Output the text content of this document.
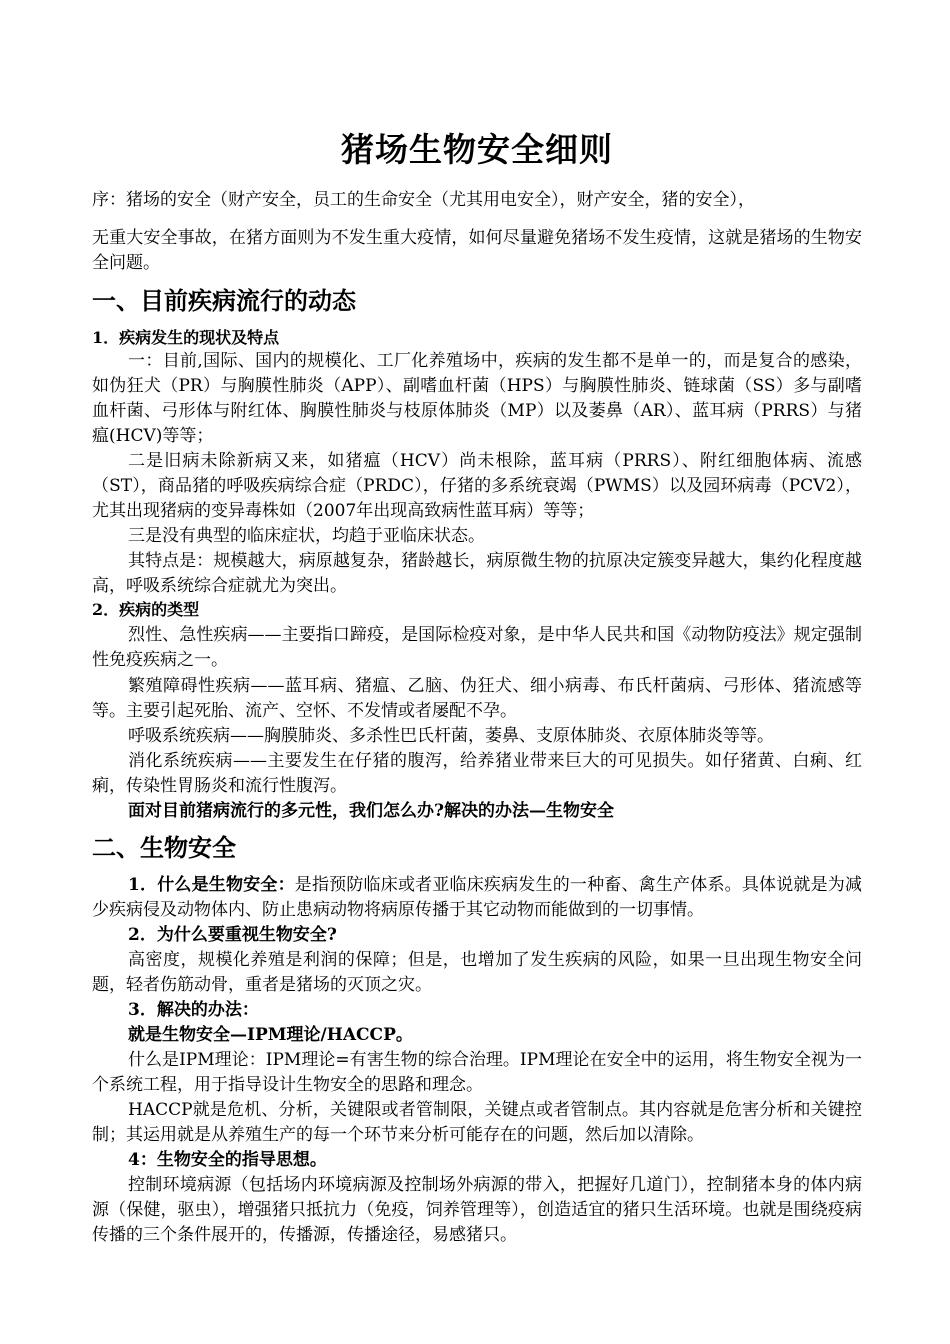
猪场生物安全细则
序：猪场的安全（财产安全，员工的生命安全（尤其用电安全），财产安全，猪的安全），
无重大安全事故，在猪方面则为不发生重大疫情，如何尽量避免猪场不发生疫情，这就是猪场的生物安全问题。
一、目前疾病流行的动态
1．疾病发生的现状及特点
一：目前,国际、国内的规模化、工厂化养殖场中，疾病的发生都不是单一的，而是复合的感染，如伪狂犬（PR）与胸膜性肺炎（APP）、副嗜血杆菌（HPS）与胸膜性肺炎、链球菌（SS）多与副嗜血杆菌、弓形体与附红体、胸膜性肺炎与枝原体肺炎（MP）以及萎鼻（AR）、蓝耳病（PRRS）与猪瘟(HCV)等等；
二是旧病未除新病又来，如猪瘟（HCV）尚未根除，蓝耳病（PRRS）、附红细胞体病、流感（ST），商品猪的呼吸疾病综合症（PRDC），仔猪的多系统衰竭（PWMS）以及园环病毒（PCV2），尤其出现猪病的变异毒株如（2007年出现高致病性蓝耳病）等等；
三是没有典型的临床症状，均趋于亚临床状态。
其特点是：规模越大，病原越复杂，猪龄越长，病原微生物的抗原决定簇变异越大，集约化程度越高，呼吸系统综合症就尤为突出。
2．疾病的类型
烈性、急性疾病——主要指口蹄疫，是国际检疫对象，是中华人民共和国《动物防疫法》规定强制性免疫疾病之一。
繁殖障碍性疾病——蓝耳病、猪瘟、乙脑、伪狂犬、细小病毒、布氏杆菌病、弓形体、猪流感等等。主要引起死胎、流产、空怀、不发情或者屡配不孕。
呼吸系统疾病——胸膜肺炎、多杀性巴氏杆菌，萎鼻、支原体肺炎、衣原体肺炎等等。
消化系统疾病——主要发生在仔猪的腹泻，给养猪业带来巨大的可见损失。如仔猪黄、白痢、红痢，传染性胃肠炎和流行性腹泻。
面对目前猪病流行的多元性，我们怎么办?解决的办法—生物安全
二、生物安全
1．什么是生物安全：是指预防临床或者亚临床疾病发生的一种畜、禽生产体系。具体说就是为减少疾病侵及动物体内、防止患病动物将病原传播于其它动物而能做到的一切事情。
2．为什么要重视生物安全?
高密度，规模化养殖是利润的保障；但是，也增加了发生疾病的风险，如果一旦出现生物安全问题，轻者伤筋动骨，重者是猪场的灭顶之灾。
3．解决的办法：
就是生物安全—IPM理论/HACCP。
什么是IPM理论：IPM理论=有害生物的综合治理。IPM理论在安全中的运用，将生物安全视为一个系统工程，用于指导设计生物安全的思路和理念。
HACCP就是危机、分析，关键限或者管制限，关键点或者管制点。其内容就是危害分析和关键控制；其运用就是从养殖生产的每一个环节来分析可能存在的问题，然后加以清除。
4：生物安全的指导思想。
控制环境病源（包括场内环境病源及控制场外病源的带入，把握好几道门），控制猪本身的体内病源（保健，驱虫），增强猪只抵抗力（免疫，饲养管理等），创造适宜的猪只生活环境。也就是围绕疫病传播的三个条件展开的，传播源，传播途径，易感猪只。
